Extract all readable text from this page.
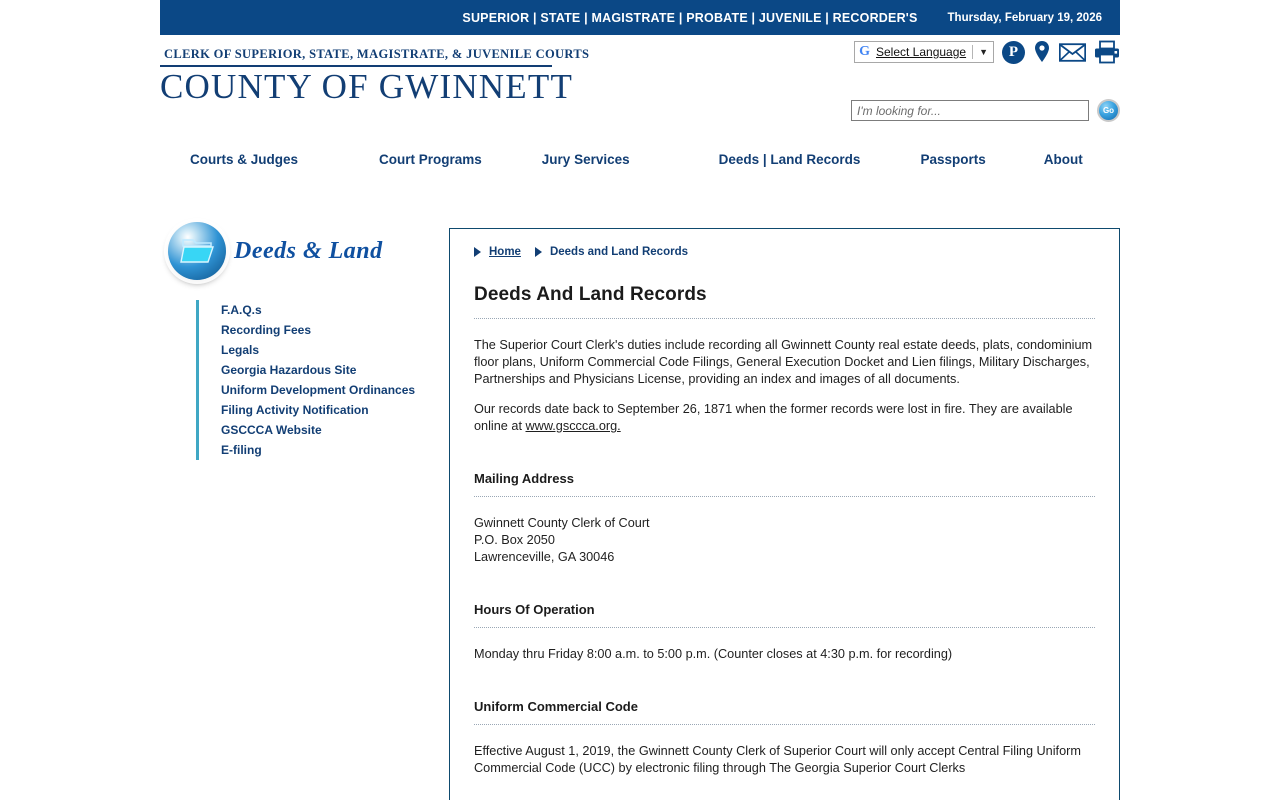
SUPERIOR | STATE | MAGISTRATE | PROBATE | JUVENILE | RECORDER'S	Thursday, February 19, 2026
CLERK OF SUPERIOR, STATE, MAGISTRATE, & JUVENILE COURTS
COUNTY OF GWINNETT
G Select Language ▼	P
I'm looking for...
Go
Courts & Judges	Court Programs	Jury Services	Deeds | Land Records	Passports	About
Deeds & Land
F.A.Q.s
Recording Fees
Legals
Georgia Hazardous Site
Uniform Development Ordinances
Filing Activity Notification
GSCCCA Website
E-filing
Home	Deeds and Land Records
Deeds And Land Records

The Superior Court Clerk's duties include recording all Gwinnett County real estate deeds, plats, condominium floor plans, Uniform Commercial Code Filings, General Execution Docket and Lien filings, Military Discharges, Partnerships and Physicians License, providing an index and images of all documents.

Our records date back to September 26, 1871 when the former records were lost in fire. They are available online at www.gsccca.org.

Mailing Address
Gwinnett County Clerk of Court
P.O. Box 2050
Lawrenceville, GA 30046
Hours Of Operation
Monday thru Friday 8:00 a.m. to 5:00 p.m. (Counter closes at 4:30 p.m. for recording)
Uniform Commercial Code
Effective August 1, 2019, the Gwinnett County Clerk of Superior Court will only accept Central Filing Uniform Commercial Code (UCC) by electronic filing through The Georgia Superior Court Clerks
